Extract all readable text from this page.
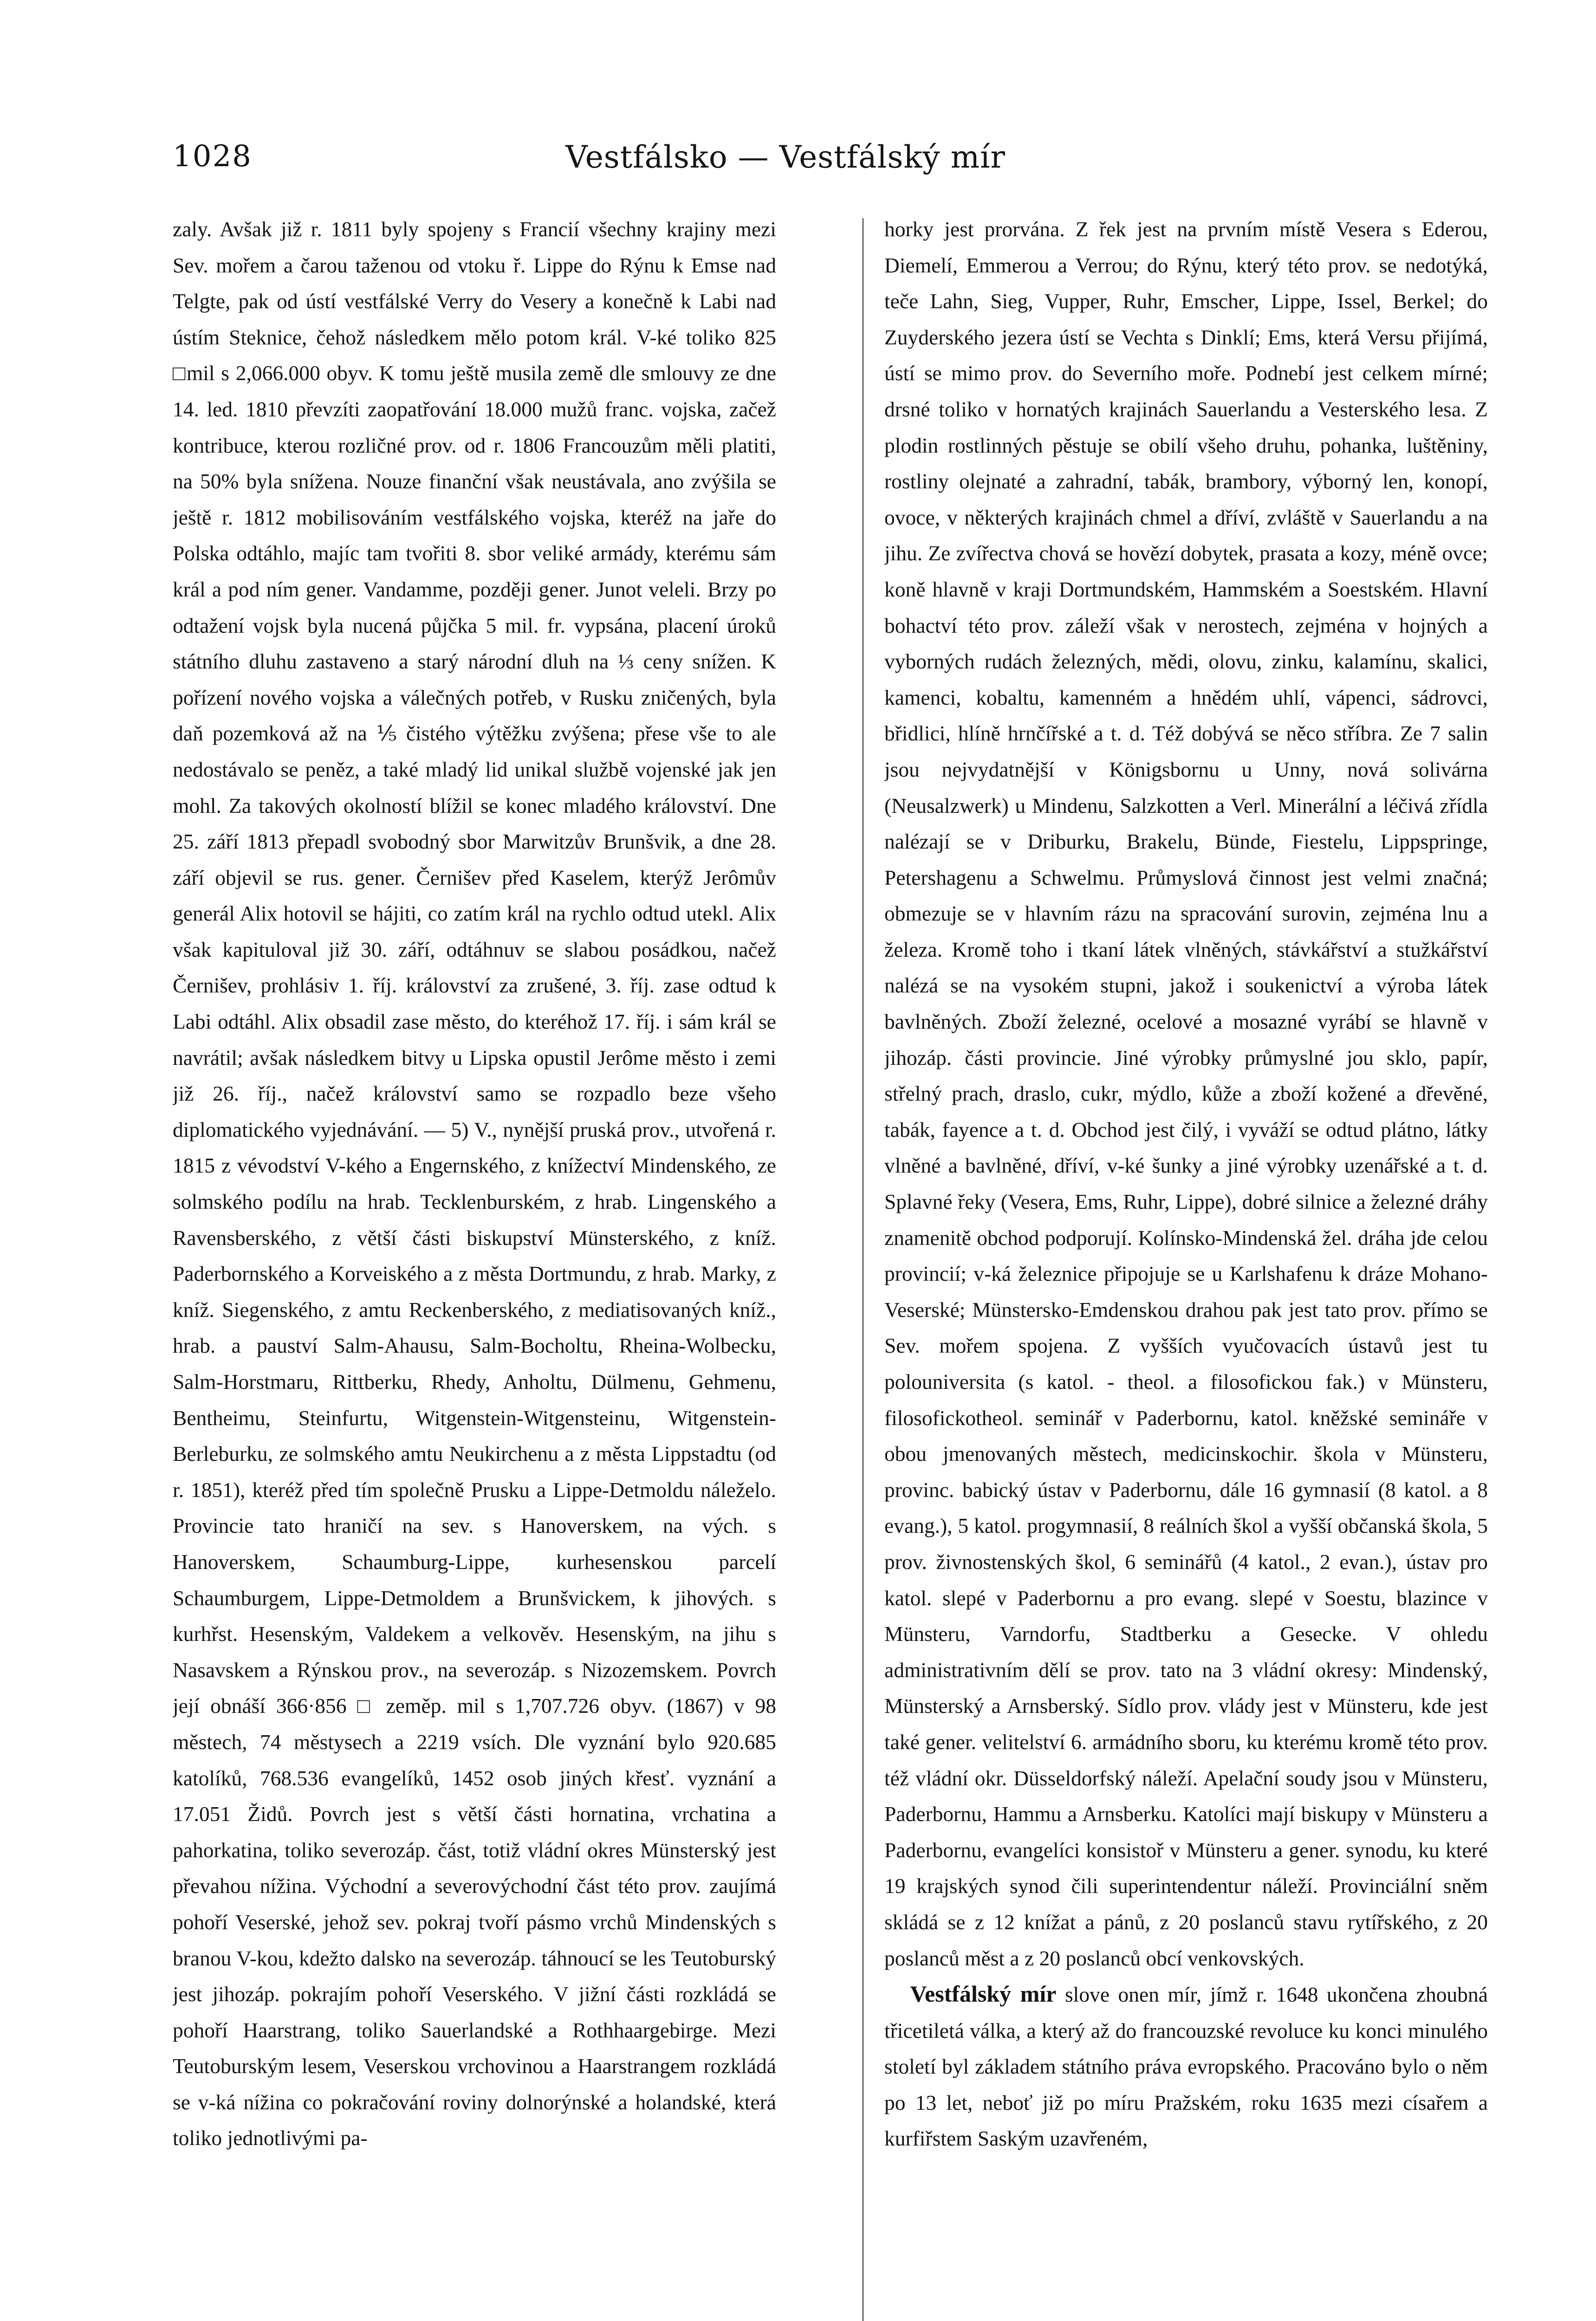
1028	Vestfálsko — Vestfálský mír

zaly. Avšak již r. 1811 byly spojeny s Francií všechny krajiny mezi Sev. mořem a čarou taženou od vtoku ř. Lippe do Rýnu k Emse nad Telgte, pak od ústí vestfálské Verry do Vesery a konečně k Labi nad ústím Steknice, čehož následkem mělo potom král. V-ké toliko 825 □mil s 2,066.000 obyv. K tomu ještě musila země dle smlouvy ze dne 14. led. 1810 převzíti zaopatřování 18.000 mužů franc. vojska, začež kontribuce, kterou rozličné prov. od r. 1806 Francouzům měli platiti, na 50% byla snížena. Nouze finanční však neustávala, ano zvýšila se ještě r. 1812 mobilisováním vestfálského vojska, kteréž na jaře do Polska odtáhlo, majíc tam tvořiti 8. sbor veliké armády, kterému sám král a pod ním gener. Vandamme, později gener. Junot veleli. Brzy po odtažení vojsk byla nucená půjčka 5 mil. fr. vypsána, placení úroků státního dluhu zastaveno a starý národní dluh na ⅓ ceny snížen. K pořízení nového vojska a válečných potřeb, v Rusku zničených, byla daň pozemková až na ⅕ čistého výtěžku zvýšena; přese vše to ale nedostávalo se peněz, a také mladý lid unikal službě vojenské jak jen mohl. Za takových okolností blížil se konec mladého království. Dne 25. září 1813 přepadl svobodný sbor Marwitzův Brunšvik, a dne 28. září objevil se rus. gener. Černišev před Kaselem, kterýž Jerômův generál Alix hotovil se hájiti, co zatím král na rychlo odtud utekl. Alix však kapituloval již 30. září, odtáhnuv se slabou posádkou, načež Černišev, prohlásiv 1. říj. království za zrušené, 3. říj. zase odtud k Labi odtáhl. Alix obsadil zase město, do kteréhož 17. říj. i sám král se navrátil; avšak následkem bitvy u Lipska opustil Jerôme město i zemi již 26. říj., načež království samo se rozpadlo beze všeho diplomatického vyjednávání. — 5) V., nynější pruská prov., utvořená r. 1815 z vévodství V-kého a Engernského, z knížectví Mindenského, ze solmského podílu na hrab. Tecklenburském, z hrab. Lingenského a Ravensberského, z větší části biskupství Münsterského, z kníž. Paderbornského a Korveiského a z města Dortmundu, z hrab. Marky, z kníž. Siegenského, z amtu Reckenberského, z mediatisovaných kníž., hrab. a pauství Salm-Ahausu, Salm-Bocholtu, Rheina-Wolbecku, Salm-Horstmaru, Rittberku, Rhedy, Anholtu, Dülmenu, Gehmenu, Bentheimu, Steinfurtu, Witgenstein-Witgensteinu, Witgenstein-Berleburku, ze solmského amtu Neukirchenu a z města Lippstadtu (od r. 1851), kteréž před tím společně Prusku a Lippe-Detmoldu náleželo. Provincie tato hraničí na sev. s Hanoverskem, na vých. s Hanoverskem, Schaumburg-Lippe, kurhesenskou parcelí Schaumburgem, Lippe-Detmoldem a Brunšvickem, k jihových. s kurhřst. Hesenským, Valdekem a velkověv. Hesenským, na jihu s Nasavskem a Rýnskou prov., na severozáp. s Nizozemskem. Povrch její obnáší 366·856 □ zeměp. mil s 1,707.726 obyv. (1867) v 98 městech, 74 městysech a 2219 vsích. Dle vyznání bylo 920.685 katolíků, 768.536 evangelíků, 1452 osob jiných křesť. vyznání a 17.051 Židů. Povrch jest s větší části hornatina, vrchatina a pahorkatina, toliko severozáp. část, totiž vládní okres Münsterský jest převahou nížina. Východní a severovýchodní část této prov. zaujímá pohoří Veserské, jehož sev. pokraj tvoří pásmo vrchů Mindenských s branou V-kou, kdežto dalsko na severozáp. táhnoucí se les Teutoburský jest jihozáp. pokrajím pohoří Veserského. V jižní části rozkládá se pohoří Haarstrang, toliko Sauerlandské a Rothhaargebirge. Mezi Teutoburským lesem, Veserskou vrchovinou a Haarstrangem rozkládá se v-ká nížina co pokračování roviny dolnorýnské a holandské, která toliko jednotlivými pa-

horky jest prorvána. Z řek jest na prvním místě Vesera s Ederou, Diemelí, Emmerou a Verrou; do Rýnu, který této prov. se nedotýká, teče Lahn, Sieg, Vupper, Ruhr, Emscher, Lippe, Issel, Berkel; do Zuyderského jezera ústí se Vechta s Dinklí; Ems, která Versu přijímá, ústí se mimo prov. do Severního moře. Podnebí jest celkem mírné; drsné toliko v hornatých krajinách Sauerlandu a Vesterského lesa. Z plodin rostlinných pěstuje se obilí všeho druhu, pohanka, luštěniny, rostliny olejnaté a zahradní, tabák, brambory, výborný len, konopí, ovoce, v některých krajinách chmel a dříví, zvláště v Sauerlandu a na jihu. Ze zvířectva chová se hovězí dobytek, prasata a kozy, méně ovce; koně hlavně v kraji Dortmundském, Hammském a Soestském. Hlavní bohactví této prov. záleží však v nerostech, zejména v hojných a vyborných rudách železných, mědi, olovu, zinku, kalamínu, skalici, kamenci, kobaltu, kamenném a hnědém uhlí, vápenci, sádrovci, břidlici, hlíně hrnčířské a t. d. Též dobývá se něco stříbra. Ze 7 salin jsou nejvydatnější v Königsbornu u Unny, nová solivárna (Neusalzwerk) u Mindenu, Salzkotten a Verl. Minerální a léčivá zřídla nalézají se v Driburku, Brakelu, Bünde, Fiestelu, Lippspringe, Petershagenu a Schwelmu. Průmyslová činnost jest velmi značná; obmezuje se v hlavním rázu na spracování surovin, zejména lnu a železa. Kromě toho i tkaní látek vlněných, stávkářství a stužkářství nalézá se na vysokém stupni, jakož i soukenictví a výroba látek bavlněných. Zboží železné, ocelové a mosazné vyrábí se hlavně v jihozáp. části provincie. Jiné výrobky průmyslné jou sklo, papír, střelný prach, draslo, cukr, mýdlo, kůže a zboží kožené a dřevěné, tabák, fayence a t. d. Obchod jest čilý, i vyváží se odtud plátno, látky vlněné a bavlněné, dříví, v-ké šunky a jiné výrobky uzenářské a t. d. Splavné řeky (Vesera, Ems, Ruhr, Lippe), dobré silnice a železné dráhy znamenitě obchod podporují. Kolínsko-Mindenská žel. dráha jde celou provincií; v-ká železnice připojuje se u Karlshafenu k dráze Mohano-Veserské; Münstersko-Emdenskou drahou pak jest tato prov. přímo se Sev. mořem spojena. Z vyšších vyučovacích ústavů jest tu polouniversita (s katol. - theol. a filosofickou fak.) v Münsteru, filosofickotheol. seminář v Paderbornu, katol. kněžské semináře v obou jmenovaných městech, medicinskochir. škola v Münsteru, provinc. babický ústav v Paderbornu, dále 16 gymnasií (8 katol. a 8 evang.), 5 katol. progymnasií, 8 reálních škol a vyšší občanská škola, 5 prov. živnostenských škol, 6 seminářů (4 katol., 2 evan.), ústav pro katol. slepé v Paderbornu a pro evang. slepé v Soestu, blazince v Münsteru, Varndorfu, Stadtberku a Gesecke. V ohledu administrativním dělí se prov. tato na 3 vládní okresy: Mindenský, Münsterský a Arnsberský. Sídlo prov. vlády jest v Münsteru, kde jest také gener. velitelství 6. armádního sboru, ku kterému kromě této prov. též vládní okr. Düsseldorfský náleží. Apelační soudy jsou v Münsteru, Paderbornu, Hammu a Arnsberku. Katolíci mají biskupy v Münsteru a Paderbornu, evangelíci konsistoř v Münsteru a gener. synodu, ku které 19 krajských synod čili superintendentur náleží. Provinciální sněm skládá se z 12 knížat a pánů, z 20 poslanců stavu rytířského, z 20 poslanců měst a z 20 poslanců obcí venkovských.

Vestfálský mír slove onen mír, jímž r. 1648 ukončena zhoubná třicetiletá válka, a který až do francouzské revoluce ku konci minulého století byl základem státního práva evropského. Pracováno bylo o něm po 13 let, neboť již po míru Pražském, roku 1635 mezi císařem a kurfiřstem Saským uzavřeném,
